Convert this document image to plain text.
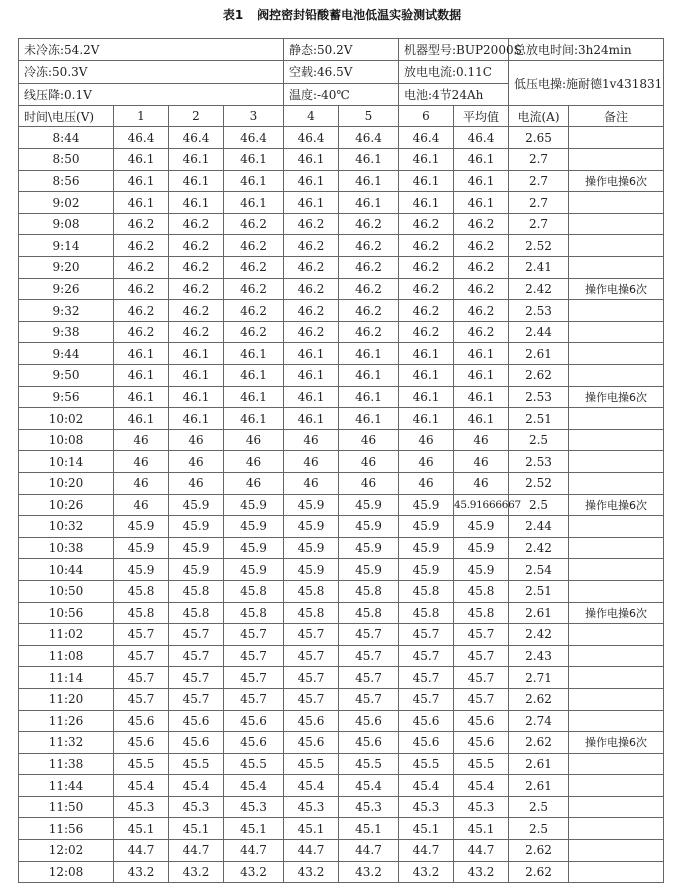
表1 阀控密封铅酸蓄电池低温实验测试数据
未冷冻:54.2V				静态:50.2V		机器型号:BUP2000S		总放电时间:3h24min	
冷冻:50.3V				空载:46.5V		放电电流:0.11C		低压电操:施耐德1v431831	
线压降:0.1V				温度:-40℃		电池:4节24Ah			
时间\电压(V)	1	2	3	4	5	6	平均值	电流(A)	备注
8:44	46.4	46.4	46.4	46.4	46.4	46.4	46.4	2.65	
8:50	46.1	46.1	46.1	46.1	46.1	46.1	46.1	2.7	
8:56	46.1	46.1	46.1	46.1	46.1	46.1	46.1	2.7	操作电操6次
9:02	46.1	46.1	46.1	46.1	46.1	46.1	46.1	2.7	
9:08	46.2	46.2	46.2	46.2	46.2	46.2	46.2	2.7	
9:14	46.2	46.2	46.2	46.2	46.2	46.2	46.2	2.52	
9:20	46.2	46.2	46.2	46.2	46.2	46.2	46.2	2.41	
9:26	46.2	46.2	46.2	46.2	46.2	46.2	46.2	2.42	操作电操6次
9:32	46.2	46.2	46.2	46.2	46.2	46.2	46.2	2.53	
9:38	46.2	46.2	46.2	46.2	46.2	46.2	46.2	2.44	
9:44	46.1	46.1	46.1	46.1	46.1	46.1	46.1	2.61	
9:50	46.1	46.1	46.1	46.1	46.1	46.1	46.1	2.62	
9:56	46.1	46.1	46.1	46.1	46.1	46.1	46.1	2.53	操作电操6次
10:02	46.1	46.1	46.1	46.1	46.1	46.1	46.1	2.51	
10:08	46	46	46	46	46	46	46	2.5	
10:14	46	46	46	46	46	46	46	2.53	
10:20	46	46	46	46	46	46	46	2.52	
10:26	46	45.9	45.9	45.9	45.9	45.9	45.91666667	2.5	操作电操6次
10:32	45.9	45.9	45.9	45.9	45.9	45.9	45.9	2.44	
10:38	45.9	45.9	45.9	45.9	45.9	45.9	45.9	2.42	
10:44	45.9	45.9	45.9	45.9	45.9	45.9	45.9	2.54	
10:50	45.8	45.8	45.8	45.8	45.8	45.8	45.8	2.51	
10:56	45.8	45.8	45.8	45.8	45.8	45.8	45.8	2.61	操作电操6次
11:02	45.7	45.7	45.7	45.7	45.7	45.7	45.7	2.42	
11:08	45.7	45.7	45.7	45.7	45.7	45.7	45.7	2.43	
11:14	45.7	45.7	45.7	45.7	45.7	45.7	45.7	2.71	
11:20	45.7	45.7	45.7	45.7	45.7	45.7	45.7	2.62	
11:26	45.6	45.6	45.6	45.6	45.6	45.6	45.6	2.74	
11:32	45.6	45.6	45.6	45.6	45.6	45.6	45.6	2.62	操作电操6次
11:38	45.5	45.5	45.5	45.5	45.5	45.5	45.5	2.61	
11:44	45.4	45.4	45.4	45.4	45.4	45.4	45.4	2.61	
11:50	45.3	45.3	45.3	45.3	45.3	45.3	45.3	2.5	
11:56	45.1	45.1	45.1	45.1	45.1	45.1	45.1	2.5	
12:02	44.7	44.7	44.7	44.7	44.7	44.7	44.7	2.62	
12:08	43.2	43.2	43.2	43.2	43.2	43.2	43.2	2.62	
